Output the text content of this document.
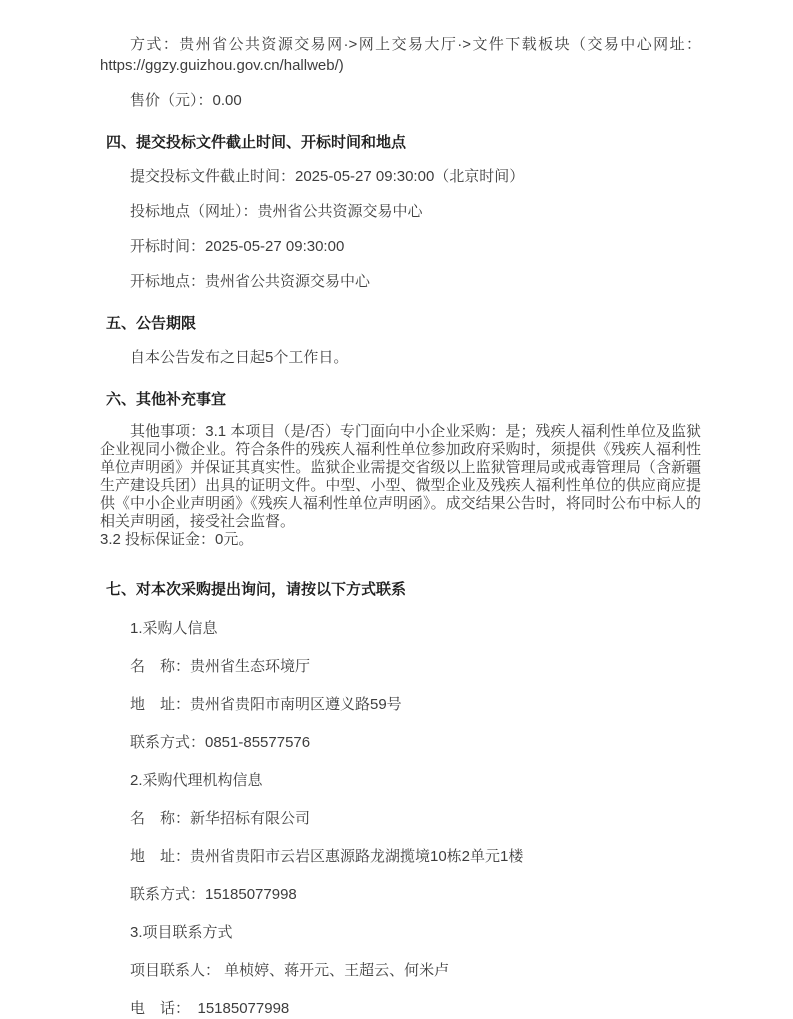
方式：贵州省公共资源交易网·>网上交易大厅·>文件下载板块（交易中心网址：https://ggzy.guizhou.gov.cn/hallweb/)

售价（元）：0.00

四、提交投标文件截止时间、开标时间和地点

提交投标文件截止时间：2025-05-27 09:30:00（北京时间）

投标地点（网址）：贵州省公共资源交易中心

开标时间：2025-05-27 09:30:00

开标地点：贵州省公共资源交易中心

五、公告期限

自本公告发布之日起5个工作日。

六、其他补充事宜

其他事项：3.1 本项目（是/否）专门面向中小企业采购：是；残疾人福利性单位及监狱企业视同小微企业。符合条件的残疾人福利性单位参加政府采购时，须提供《残疾人福利性单位声明函》并保证其真实性。监狱企业需提交省级以上监狱管理局或戒毒管理局（含新疆生产建设兵团）出具的证明文件。中型、小型、微型企业及残疾人福利性单位的供应商应提供《中小企业声明函》《残疾人福利性单位声明函》。成交结果公告时，将同时公布中标人的相关声明函，接受社会监督。

3.2 投标保证金：0元。

七、对本次采购提出询问，请按以下方式联系

1.采购人信息

名　称：贵州省生态环境厅

地　址：贵州省贵阳市南明区遵义路59号

联系方式：0851-85577576

2.采购代理机构信息

名　称：新华招标有限公司

地　址：贵州省贵阳市云岩区惠源路龙湖揽境10栋2单元1楼

联系方式：15185077998

3.项目联系方式

项目联系人： 单桢婷、蒋开元、王超云、何米卢

电　话：　15185077998
